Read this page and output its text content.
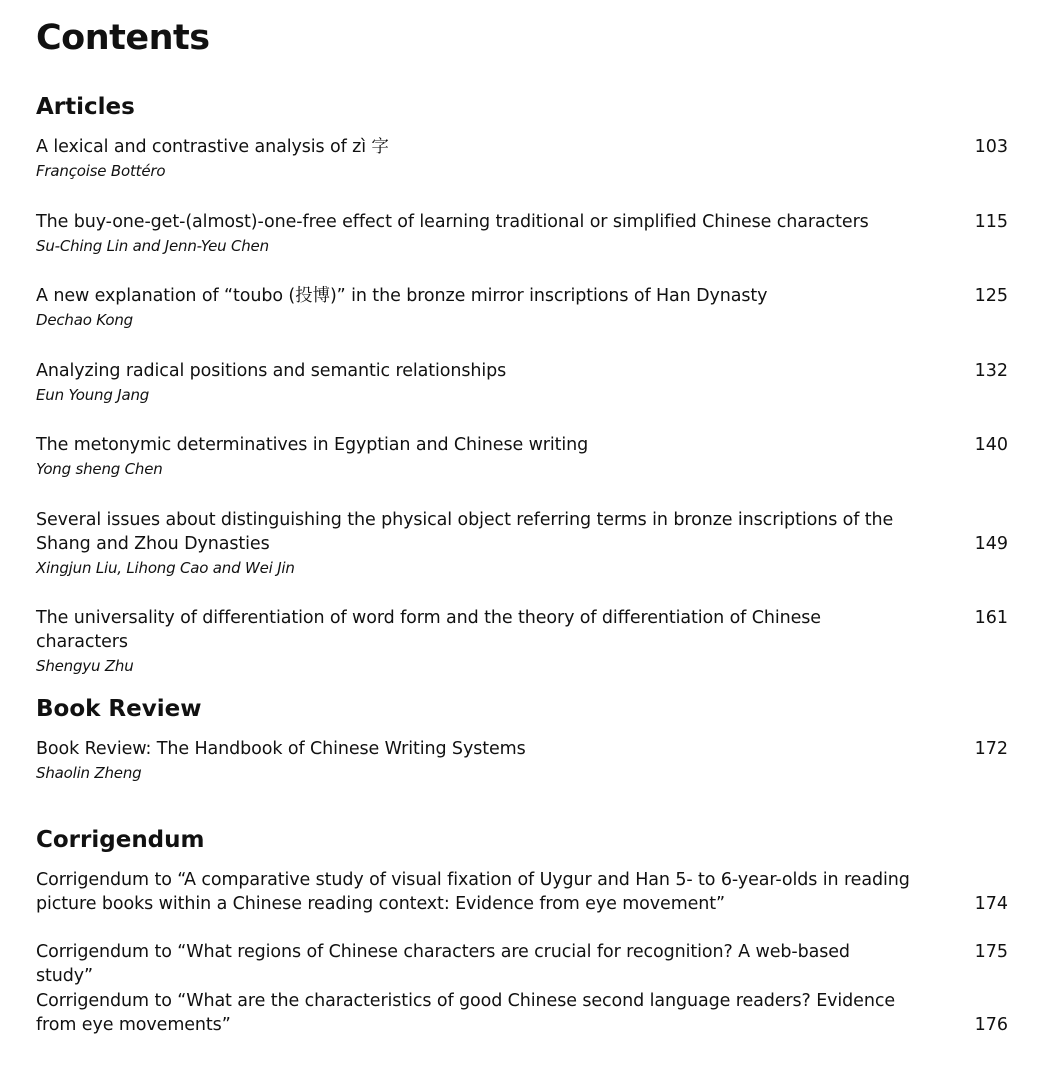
Contents
Articles
A lexical and contrastive analysis of zì 字
Françoise Bottéro
103
The buy-one-get-(almost)-one-free effect of learning traditional or simplified Chinese characters
Su-Ching Lin and Jenn-Yeu Chen
115
A new explanation of “toubo (投博)” in the bronze mirror inscriptions of Han Dynasty
Dechao Kong
125
Analyzing radical positions and semantic relationships
Eun Young Jang
132
The metonymic determinatives in Egyptian and Chinese writing
Yong sheng Chen
140
Several issues about distinguishing the physical object referring terms in bronze inscriptions of the Shang and Zhou Dynasties
Xingjun Liu, Lihong Cao and Wei Jin
149
The universality of differentiation of word form and the theory of differentiation of Chinese characters
Shengyu Zhu
161
Book Review
Book Review: The Handbook of Chinese Writing Systems
Shaolin Zheng
172
Corrigendum
Corrigendum to “A comparative study of visual fixation of Uygur and Han 5- to 6-year-olds in reading picture books within a Chinese reading context: Evidence from eye movement”	174
Corrigendum to “What regions of Chinese characters are crucial for recognition? A web-based study”
175
Corrigendum to “What are the characteristics of good Chinese second language readers? Evidence from eye movements”	176
